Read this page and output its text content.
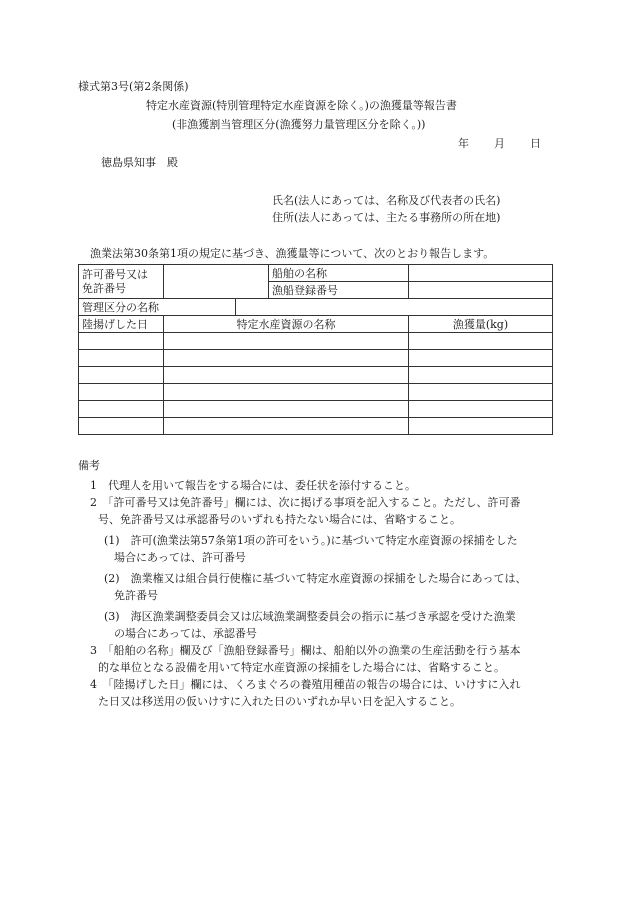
様式第3号(第2条関係)
特定水産資源(特別管理特定水産資源を除く。)の漁獲量等報告書
(非漁獲割当管理区分(漁獲努力量管理区分を除く。))
年 月 日
徳島県知事　殿
氏名(法人にあっては、名称及び代表者の氏名)
住所(法人にあっては、主たる事務所の所在地)
漁業法第30条第1項の規定に基づき、漁獲量等について、次のとおり報告します。
許可番号又は
免許番号			船舶の名称	
			漁船登録番号	
管理区分の名称				
陸揚げした日	特定水産資源の名称			漁獲量(kg)

備考
1　代理人を用いて報告をする場合には、委任状を添付すること。
2　「許可番号又は免許番号」欄には、次に掲げる事項を記入すること。ただし、許可番
号、免許番号又は承認番号のいずれも持たない場合には、省略すること。
(1)　許可(漁業法第57条第1項の許可をいう。)に基づいて特定水産資源の採捕をした
場合にあっては、許可番号
(2)　漁業権又は組合員行使権に基づいて特定水産資源の採捕をした場合にあっては、
免許番号
(3)　海区漁業調整委員会又は広域漁業調整委員会の指示に基づき承認を受けた漁業
の場合にあっては、承認番号
3　「船舶の名称」欄及び「漁船登録番号」欄は、船舶以外の漁業の生産活動を行う基本
的な単位となる設備を用いて特定水産資源の採捕をした場合には、省略すること。
4　「陸揚げした日」欄には、くろまぐろの養殖用種苗の報告の場合には、いけすに入れ
た日又は移送用の仮いけすに入れた日のいずれか早い日を記入すること。
